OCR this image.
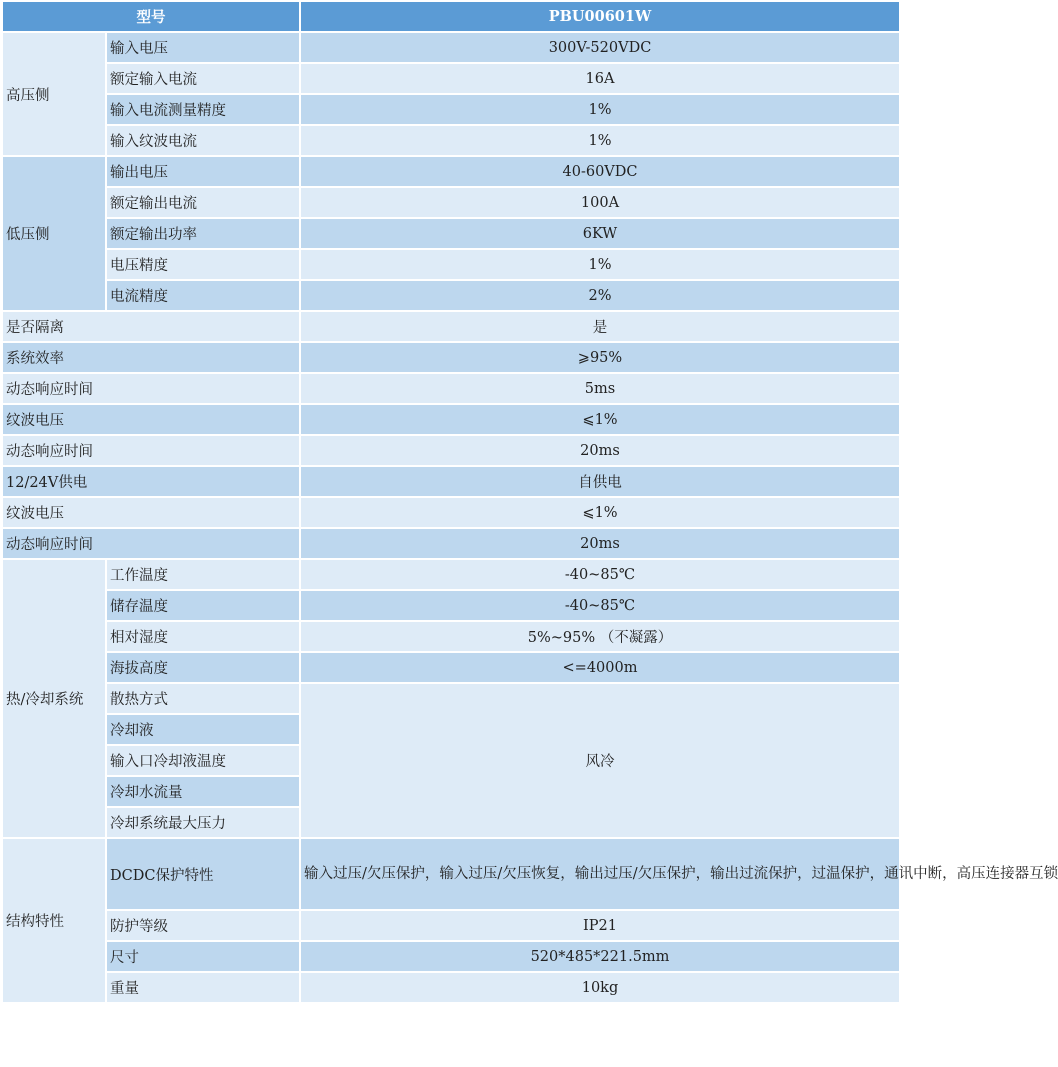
型号		PBU00601W
高压侧	输入电压	300V-520VDC
	额定输入电流	16A
	输入电流测量精度	1%
	输入纹波电流	1%
低压侧	输出电压	40-60VDC
	额定输出电流	100A
	额定输出功率	6KW
	电压精度	1%
	电流精度	2%
是否隔离		是
系统效率		⩾95%
动态响应时间		5ms
纹波电压		⩽1%
动态响应时间		20ms
12/24V供电		自供电
纹波电压		⩽1%
动态响应时间		20ms
热/冷却系统	工作温度	-40~85℃
	储存温度	-40~85℃
	相对湿度	5%~95% （不凝露）
	海拔高度	<=4000m
	散热方式	风冷
	冷却液	
	输入口冷却液温度	
	冷却水流量	
	冷却系统最大压力	
结构特性	DCDC保护特性	输入过压/欠压保护，输入过压/欠压恢复，输出过压/欠压保护，输出过流保护，过温保护，通讯中断，高压连接器互锁
	防护等级	IP21
	尺寸	520*485*221.5mm
	重量	10kg
